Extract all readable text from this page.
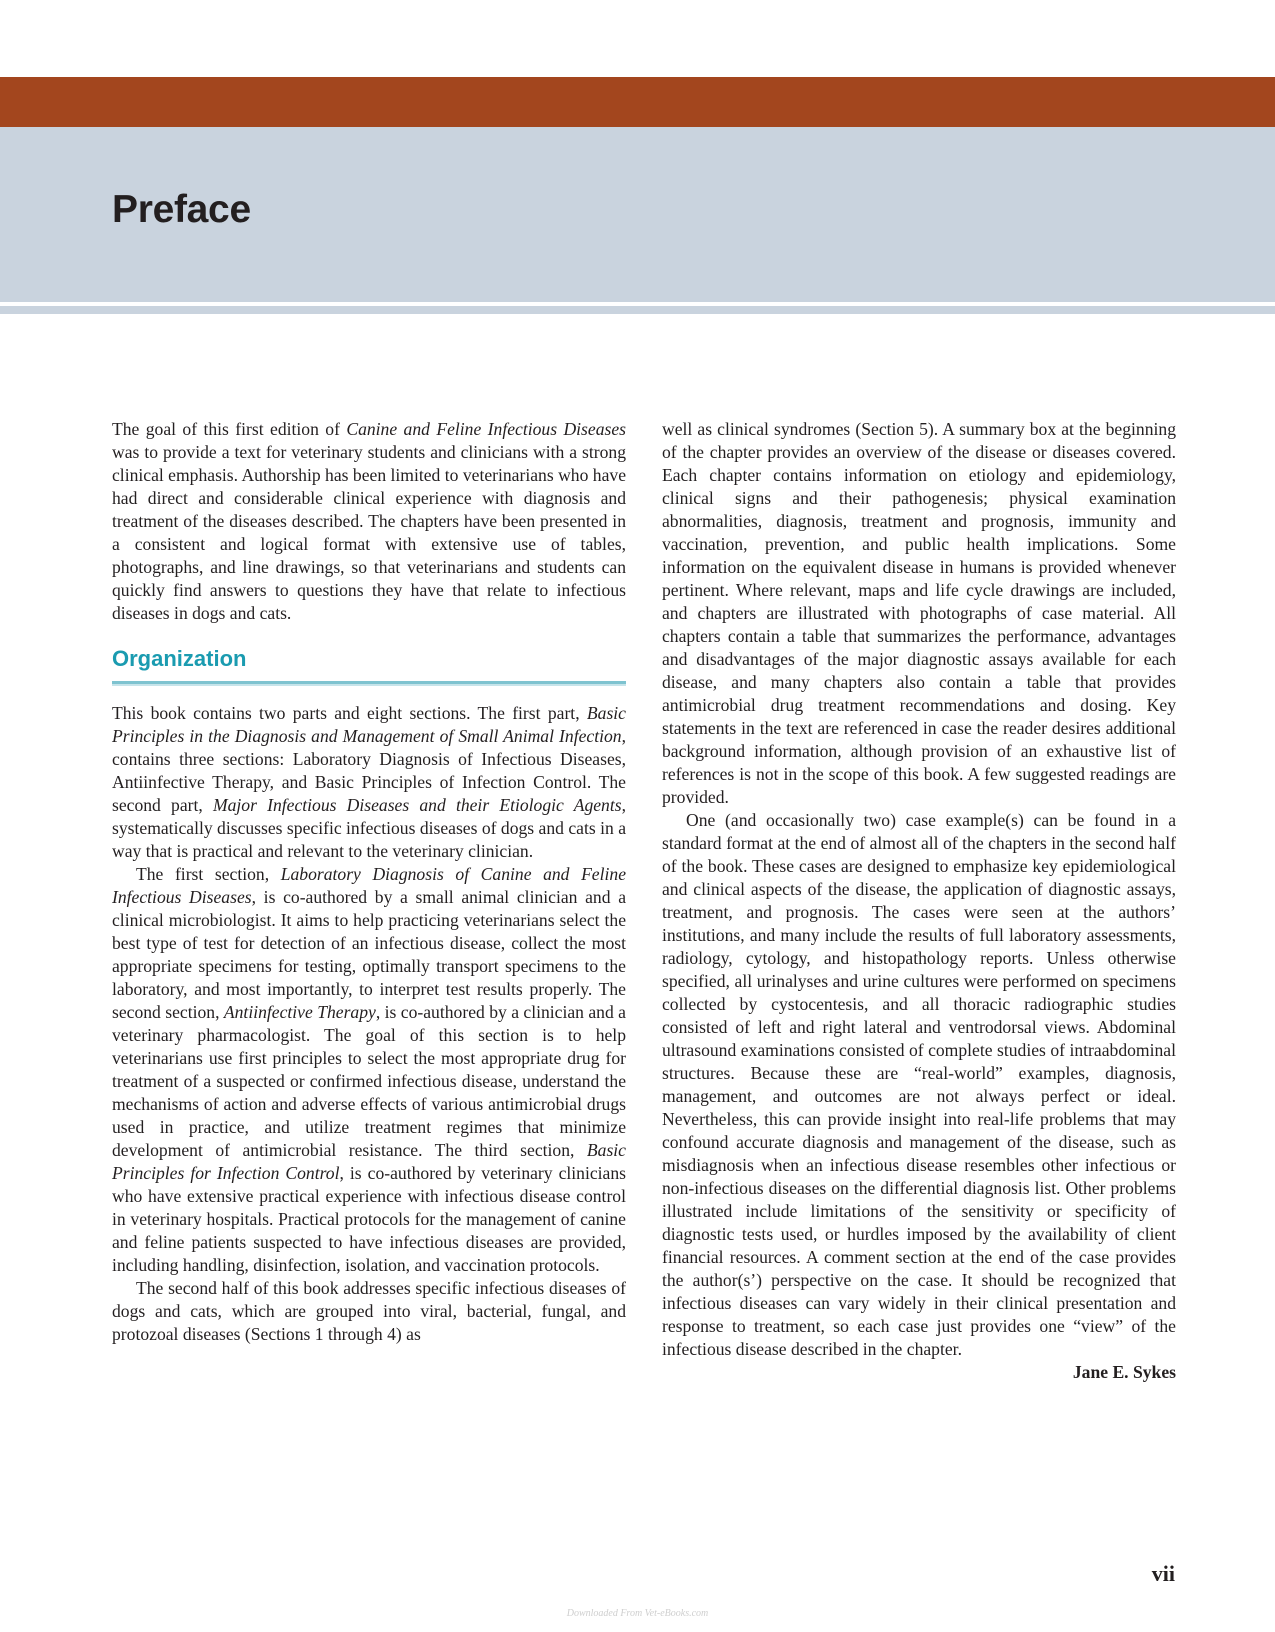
Preface

The goal of this first edition of Canine and Feline Infectious Diseases was to provide a text for veterinary students and clinicians with a strong clinical emphasis. Authorship has been limited to veterinarians who have had direct and considerable clinical experience with diagnosis and treatment of the diseases described. The chapters have been presented in a consistent and logical format with extensive use of tables, photographs, and line drawings, so that veterinarians and students can quickly find answers to questions they have that relate to infectious diseases in dogs and cats.

Organization

This book contains two parts and eight sections. The first part, Basic Principles in the Diagnosis and Management of Small Animal Infection, contains three sections: Laboratory Diagnosis of Infectious Diseases, Antiinfective Therapy, and Basic Principles of Infection Control. The second part, Major Infectious Diseases and their Etiologic Agents, systematically discusses specific infectious diseases of dogs and cats in a way that is practical and relevant to the veterinary clinician.

The first section, Laboratory Diagnosis of Canine and Feline Infectious Diseases, is co-authored by a small animal clinician and a clinical microbiologist. It aims to help practicing veterinarians select the best type of test for detection of an infectious disease, collect the most appropriate specimens for testing, optimally transport specimens to the laboratory, and most importantly, to interpret test results properly. The second section, Antiinfective Therapy, is co-authored by a clinician and a veterinary pharmacologist. The goal of this section is to help veterinarians use first principles to select the most appropriate drug for treatment of a suspected or confirmed infectious disease, understand the mechanisms of action and adverse effects of various antimicrobial drugs used in practice, and utilize treatment regimes that minimize development of antimicrobial resistance. The third section, Basic Principles for Infection Control, is co-authored by veterinary clinicians who have extensive practical experience with infectious disease control in veterinary hospitals. Practical protocols for the management of canine and feline patients suspected to have infectious diseases are provided, including handling, disinfection, isolation, and vaccination protocols.

The second half of this book addresses specific infectious diseases of dogs and cats, which are grouped into viral, bacterial, fungal, and protozoal diseases (Sections 1 through 4) as

well as clinical syndromes (Section 5). A summary box at the beginning of the chapter provides an overview of the disease or diseases covered. Each chapter contains information on etiology and epidemiology, clinical signs and their pathogenesis; physical examination abnormalities, diagnosis, treatment and prognosis, immunity and vaccination, prevention, and public health implications. Some information on the equivalent disease in humans is provided whenever pertinent. Where relevant, maps and life cycle drawings are included, and chapters are illustrated with photographs of case material. All chapters contain a table that summarizes the performance, advantages and disadvantages of the major diagnostic assays available for each disease, and many chapters also contain a table that provides antimicrobial drug treatment recommendations and dosing. Key statements in the text are referenced in case the reader desires additional background information, although provision of an exhaustive list of references is not in the scope of this book. A few suggested readings are provided.

One (and occasionally two) case example(s) can be found in a standard format at the end of almost all of the chapters in the second half of the book. These cases are designed to emphasize key epidemiological and clinical aspects of the disease, the application of diagnostic assays, treatment, and prognosis. The cases were seen at the authors’ institutions, and many include the results of full laboratory assessments, radiology, cytology, and histopathology reports. Unless otherwise specified, all urinalyses and urine cultures were performed on specimens collected by cystocentesis, and all thoracic radiographic studies consisted of left and right lateral and ventrodorsal views. Abdominal ultrasound examinations consisted of complete studies of intraabdominal structures. Because these are “real-world” examples, diagnosis, management, and outcomes are not always perfect or ideal. Nevertheless, this can provide insight into real-life problems that may confound accurate diagnosis and management of the disease, such as misdiagnosis when an infectious disease resembles other infectious or non-infectious diseases on the differential diagnosis list. Other problems illustrated include limitations of the sensitivity or specificity of diagnostic tests used, or hurdles imposed by the availability of client financial resources. A comment section at the end of the case provides the author(s’) perspective on the case. It should be recognized that infectious diseases can vary widely in their clinical presentation and response to treatment, so each case just provides one “view” of the infectious disease described in the chapter.

Jane E. Sykes

vii
Downloaded From Vet-eBooks.com
